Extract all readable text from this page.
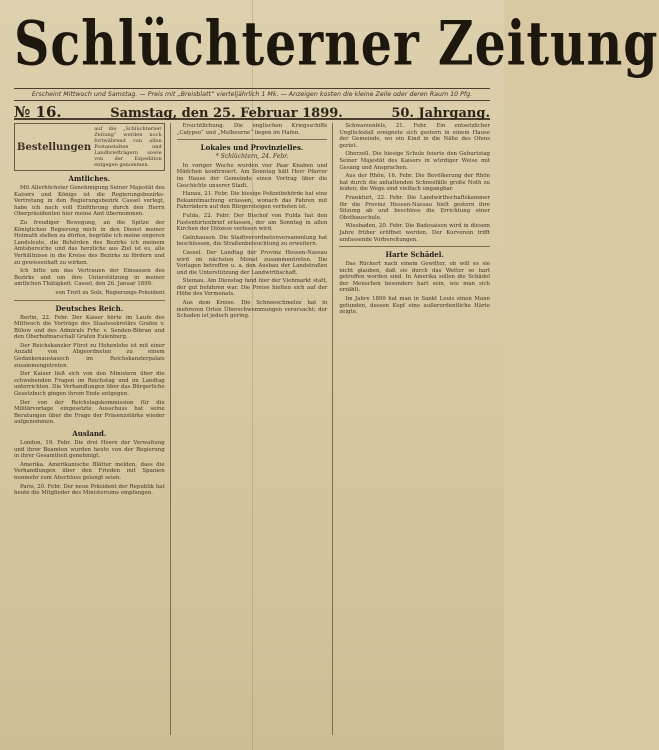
Schlüchterner Zeitung
Erscheint Mittwoch und Samstag. — Preis mit „Breisblatt“ vierteljährlich 1 Mk. — Anzeigen kosten die kleine Zeile oder deren Raum 10 Pfg.
№ 16.	Samstag, den 25. Februar 1899.	50. Jahrgang.
Bestellungen
auf die „Schlüchterner Zeitung“ werden noch fortwährend von allen Postanstalten und Landbriefträgern sowie von der Expedition entgegen genommen.
Amtliches.

Mit Allerhöchster Genehmigung Seiner Majestät des Kaisers und Königs ist die Regierungsbezirks-Vertretung in den Regierungsbezirk Cassel verlegt, habe ich nach voll Einführung durch den Herrn Oberpräsidenten hier meine Amt übernommen.

Zu freudiger Bewegung, an die Spitze der Königlichen Regierung mich in den Dienst meiner Heimath stellen zu dürfen, begrüße ich meine engeren Landsleute, die Behörden des Bezirks ich meinem Amtsbereiche und das herzliche aus Ziel ist es, alle Verhältnisse in die Kreise des Bezirks zu fördern und zu gewissenhaft zu wirken.

Ich bitte um das Vertrauen der Einsassen des Bezirks und um ihre Unterstützung in meiner amtlichen Thätigkeit. Cassel, den 26. Januar 1899.

von Trott zu Solz, Regierungs-Präsident
Deutsches Reich.

Berlin, 22. Febr. Der Kaiser hörte im Laufe des Mittwoch die Vorträge des Staatssekretärs Grafen v. Bülow und des Admirals Frhr. v. Senden-Bibran und den Oberhofmarschall Grafen Eulenburg.

Der Reichskanzler Fürst zu Hohenlohe ist mit einer Anzahl von Abgeordneten zu einem Gedankenaustausch im Reichskanzlerpalais zusammengetreten.

Der Kaiser ließ sich von den Ministern über die schwebenden Fragen im Reichstag und im Landtag unterrichten. Die Verhandlungen über das Bürgerliche Gesetzbuch gingen ihrem Ende entgegen.

Der von der Reichstagskommission für die Militärvorlage eingesetzte Ausschuss hat seine Beratungen über die Frage der Präsenzstärke wieder aufgenommen.

Ausland.

London, 19. Febr. Die drei Heere der Verwaltung und ihrer Beamten wurden heute von der Regierung in ihrer Gesamtheit genehmigt.

Amerika. Amerikanische Blätter melden, dass die Verhandlungen über den Frieden mit Spanien nunmehr zum Abschluss gelangt seien.

Paris, 20. Febr. Der neue Präsident der Republik hat heute die Mitglieder des Ministeriums empfangen.

Ersichtlichung. Die englischen Kriegsschiffe „Calypso“ und „Melbourne“ liegen im Hafen.

Lokales und Provinzielles.
* Schlüchtern, 24. Febr.

In voriger Woche wurden vier Paar Knaben und Mädchen konfirmiert. Am Sonntag hält Herr Pfarrer im Hause der Gemeinde einen Vortrag über die Geschichte unserer Stadt.

Hanau, 21. Febr. Die hiesige Polizeibehörde hat eine Bekanntmachung erlassen, wonach das Fahren mit Fahrrädern auf den Bürgersteigen verboten ist.

Fulda, 22. Febr. Der Bischof von Fulda hat den Fastenhirtenbrief erlassen, der am Sonntag in allen Kirchen der Diözese verlesen wird.

Gelnhausen. Die Stadtverordnetenversammlung hat beschlossen, die Straßenbeleuchtung zu erweitern.

Cassel. Der Landtag der Provinz Hessen-Nassau wird im nächsten Monat zusammentreten. Die Vorlagen betreffen u. a. den Ausbau der Landstraßen und die Unterstützung der Landwirthschaft.

Steinau. Am Dienstag fand hier der Viehmarkt statt, der gut befahren war. Die Preise hielten sich auf der Höhe des Vormonats.

Aus dem Kreise. Die Schneeschmelze hat in mehreren Orten Überschwemmungen verursacht; der Schaden ist jedoch gering.

Schwarzenfels, 21. Febr. Ein entsetzlicher Unglücksfall ereignete sich gestern in einem Hause der Gemeinde, wo ein Kind in die Nähe des Ofens geriet.

Oberzell. Die hiesige Schule feierte den Geburtstag Seiner Majestät des Kaisers in würdiger Weise mit Gesang und Ansprachen.

Aus der Rhön, 16. Febr. Die Bevölkerung der Rhön hat durch die anhaltenden Schneefälle große Noth zu leiden; die Wege sind vielfach ungangbar.

Frankfurt, 22. Febr. Die Landwirthschaftskammer für die Provinz Hessen-Nassau hielt gestern ihre Sitzung ab und beschloss die Errichtung einer Obstbauschule.

Wiesbaden, 20. Febr. Die Badesaison wird in diesem Jahre früher eröffnet werden. Der Kurverein trifft umfassende Vorbereitungen.

Harte Schädel.

Das Rückert nach einem Gewitter, ob will es sie nicht glauben, daß sie durch das Wetter so hart getroffen worden sind. In Amerika sollen die Schädel der Menschen besonders hart sein, wie man sich erzählt.

Im Jahre 1899 hat man in Sankt Louis einen Mann gefunden, dessen Kopf eine außerordentliche Härte zeigte.
